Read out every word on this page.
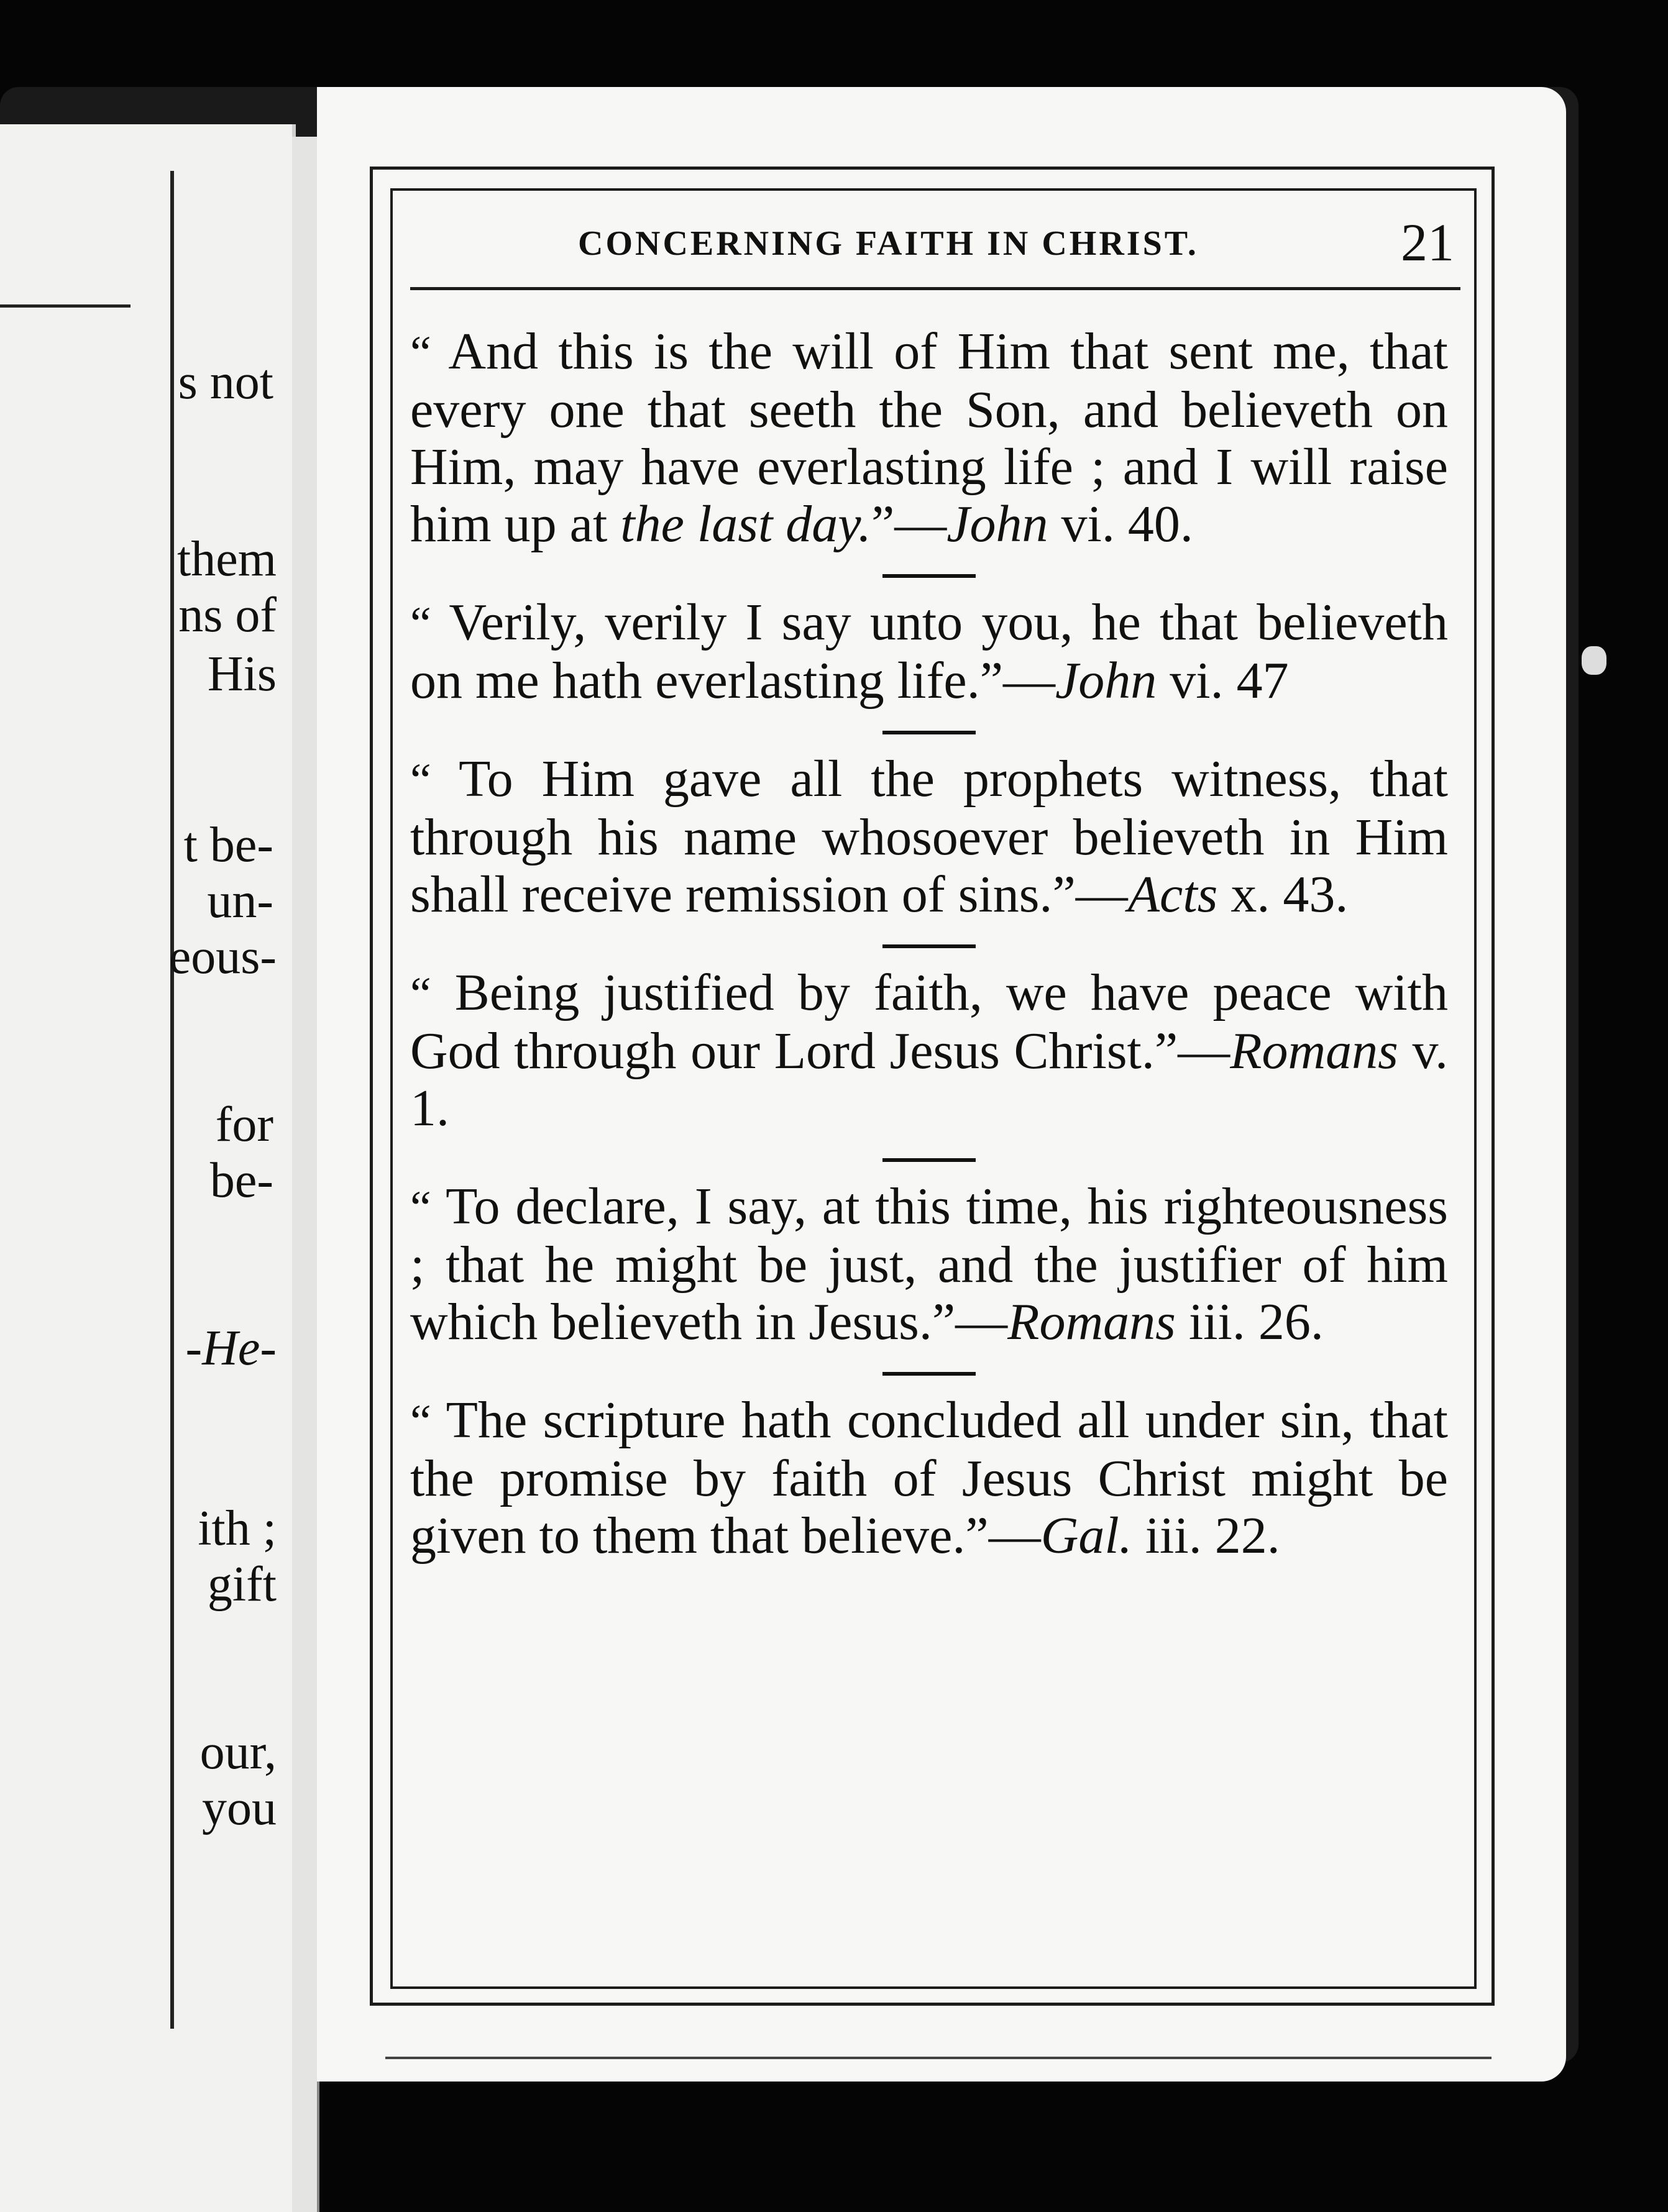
s not
them
ns of
His
t be-
un-
eous-
for
be-
-He-
ith ;
gift
our,
you
CONCERNING FAITH IN CHRIST.	21

“ And this is the will of Him that sent me, that every one that seeth the Son, and believeth on Him, may have everlasting life ; and I will raise him up at the last day.”—John vi. 40.

“ Verily, verily I say unto you, he that believeth on me hath everlasting life.”—John vi. 47

“ To Him gave all the prophets witness, that through his name whosoever believeth in Him shall receive remission of sins.”—Acts x. 43.

“ Being justified by faith, we have peace with God through our Lord Jesus Christ.”—Romans v. 1.

“ To declare, I say, at this time, his righteousness ; that he might be just, and the justifier of him which believeth in Jesus.”—Romans iii. 26.

“ The scripture hath concluded all under sin, that the promise by faith of Jesus Christ might be given to them that believe.”—Gal. iii. 22.
